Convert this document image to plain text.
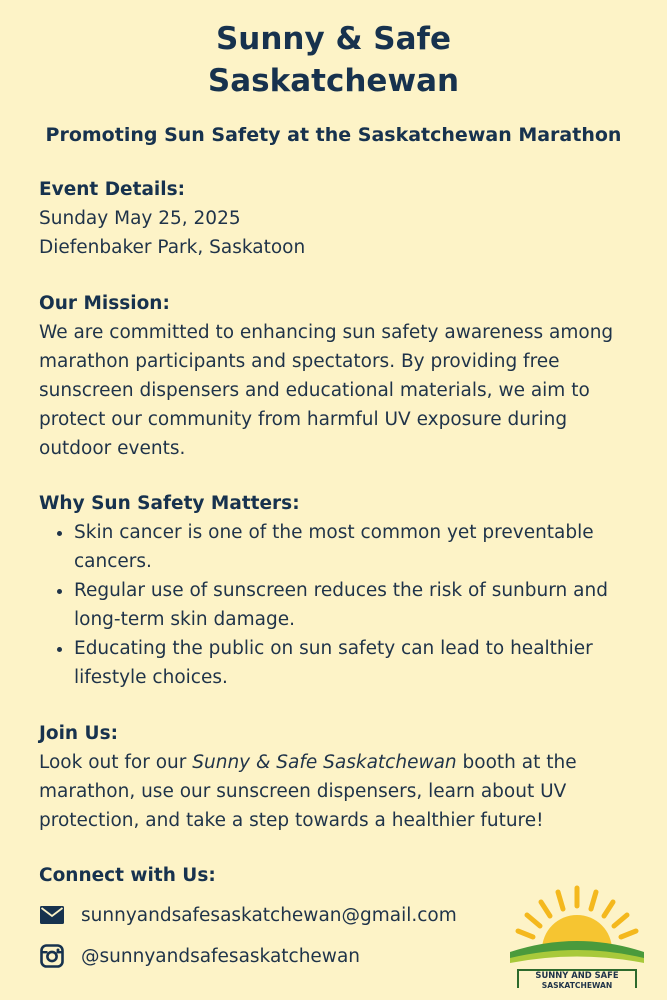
Sunny & Safe
Saskatchewan
Promoting Sun Safety at the Saskatchewan Marathon
Event Details:
Sunday May 25, 2025
Diefenbaker Park, Saskatoon
Our Mission:
We are committed to enhancing sun safety awareness among marathon participants and spectators. By providing free sunscreen dispensers and educational materials, we aim to protect our community from harmful UV exposure during outdoor events.
Why Sun Safety Matters:
• Skin cancer is one of the most common yet preventable cancers.
• Regular use of sunscreen reduces the risk of sunburn and long-term skin damage.
• Educating the public on sun safety can lead to healthier lifestyle choices.
Join Us:
Look out for our Sunny & Safe Saskatchewan booth at the marathon, use our sunscreen dispensers, learn about UV protection, and take a step towards a healthier future!
Connect with Us:
sunnyandsafesaskatchewan@gmail.com
@sunnyandsafesaskatchewan
SUNNY AND SAFE
SASKATCHEWAN
